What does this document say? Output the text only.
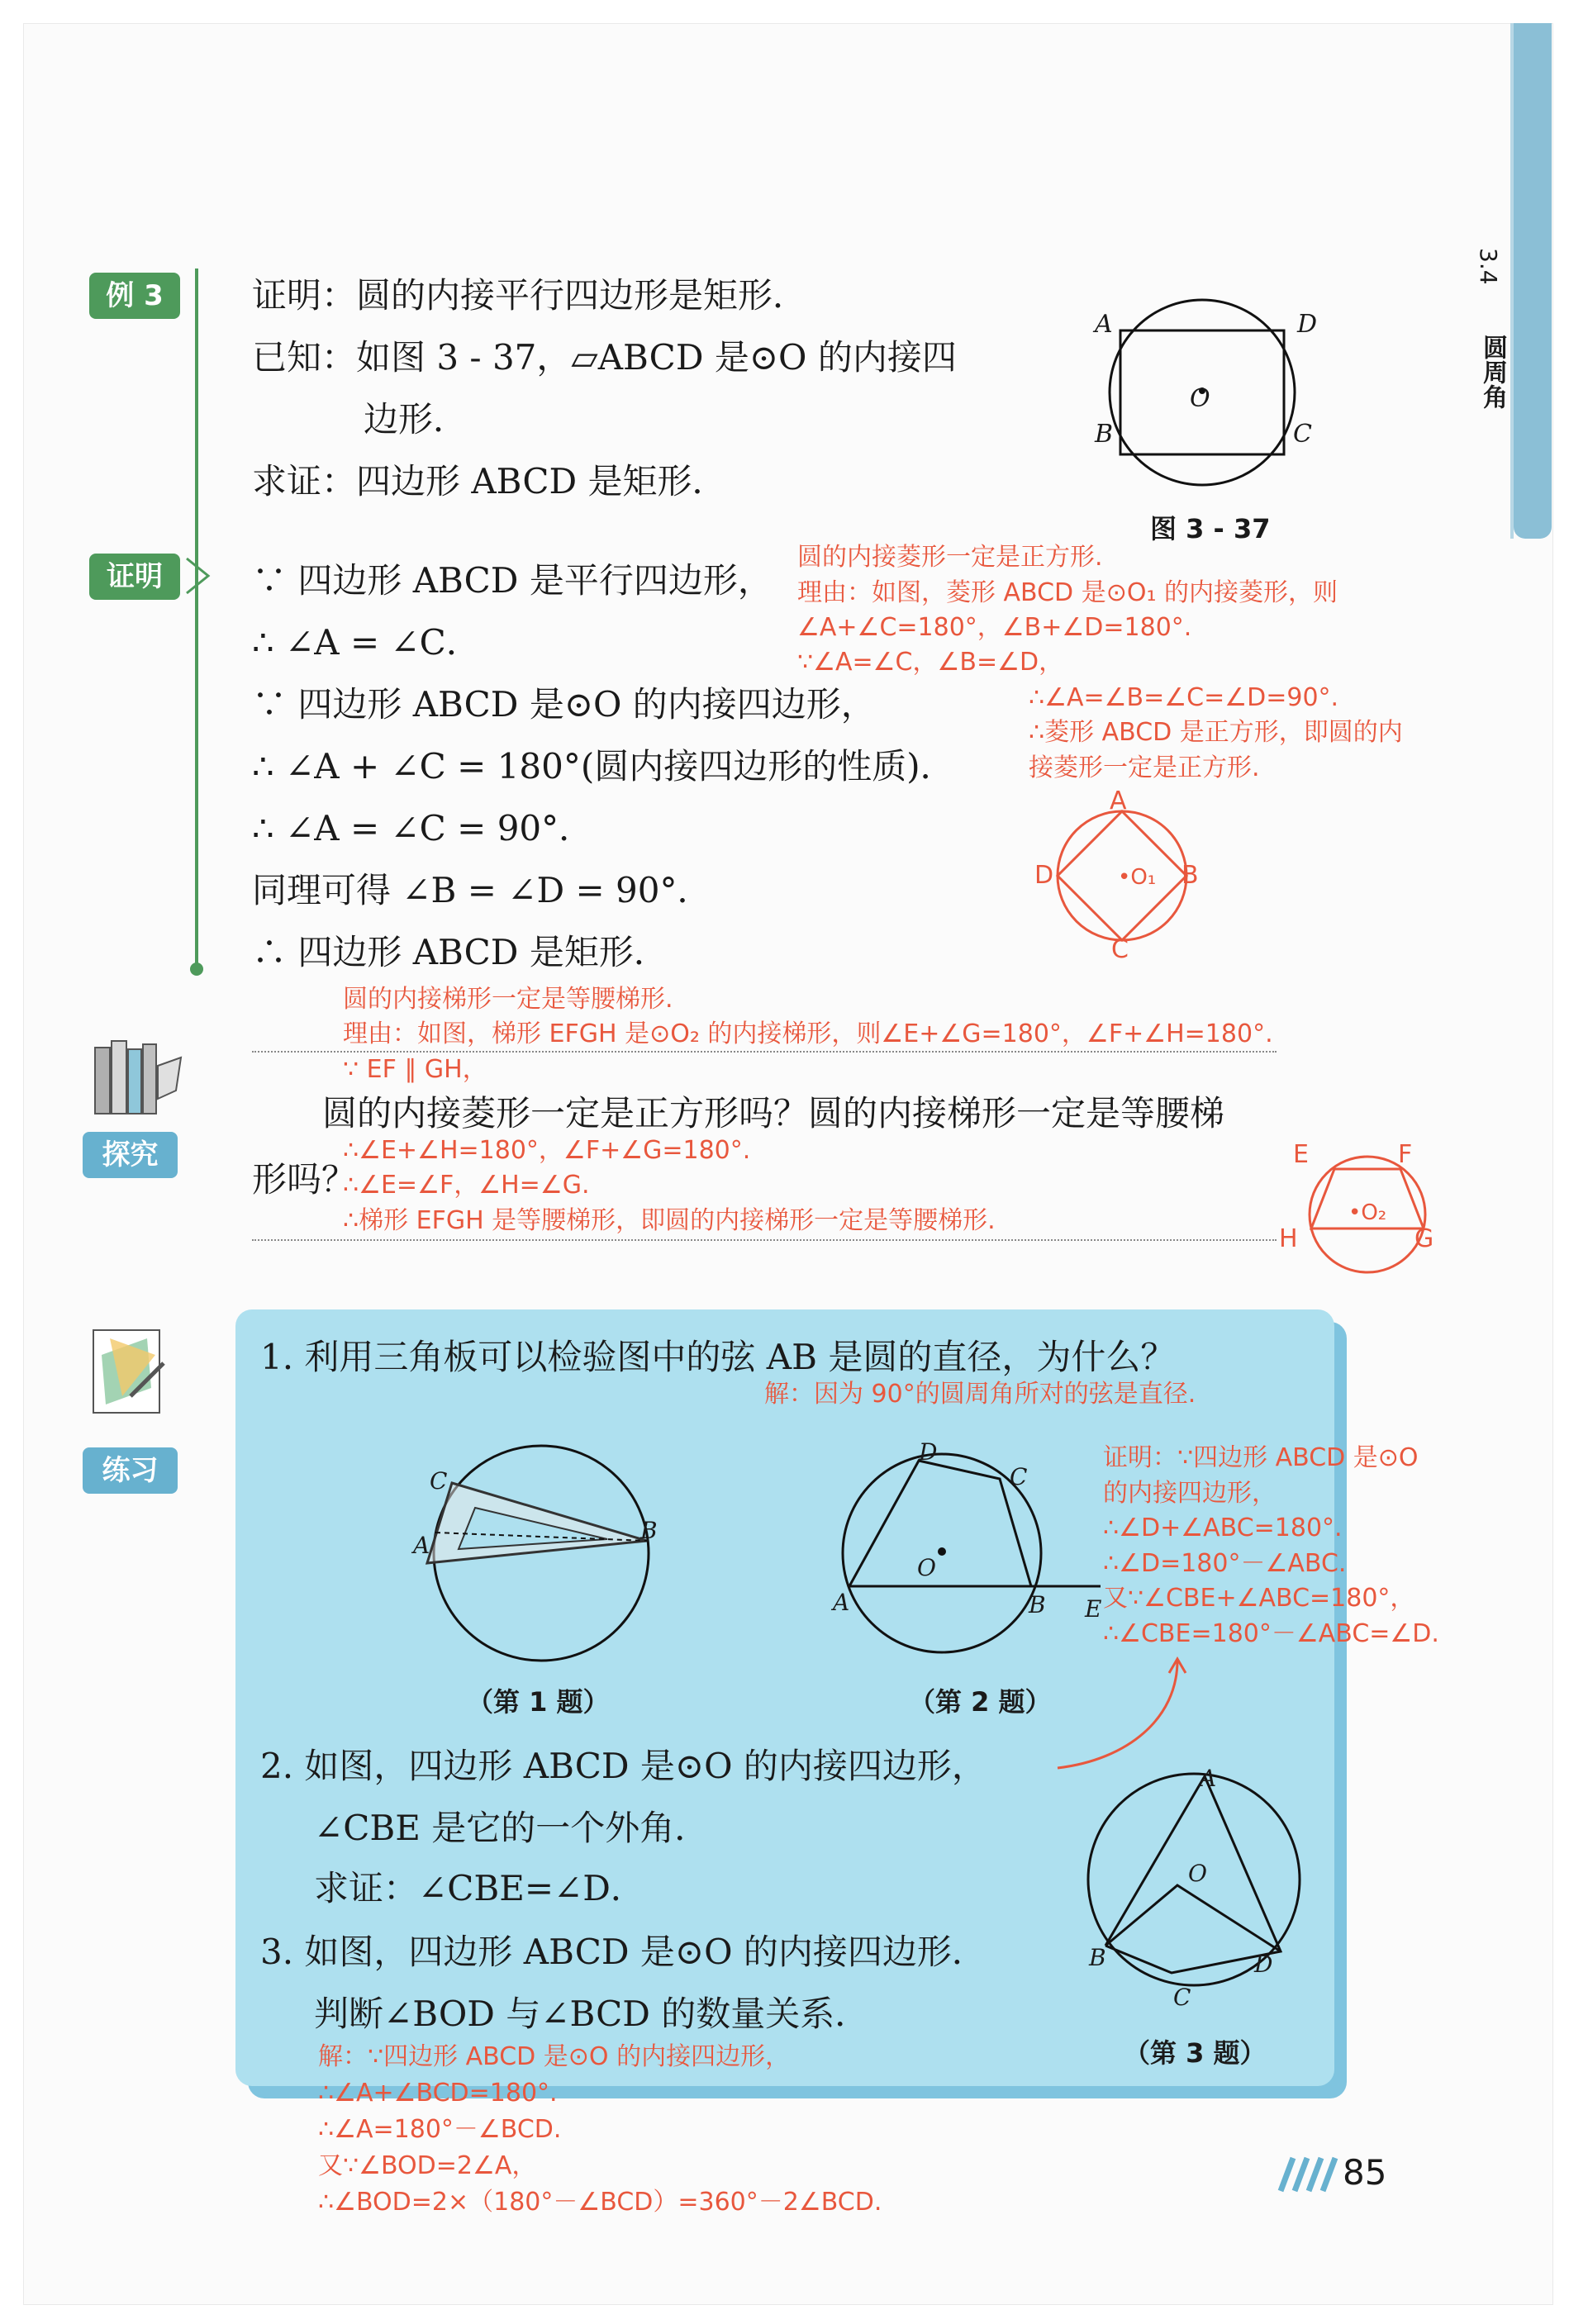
3.4
圆周角
例 3	证明：圆的内接平行四边形是矩形．
已知：如图 3 - 37，▱ABCD 是⊙O 的内接四
边形．
求证：四边形 ABCD 是矩形．
A	D
B	C
O
图 3 - 37
证明	∵ 四边形 ABCD 是平行四边形，
∴ ∠A = ∠C．
∵ 四边形 ABCD 是⊙O 的内接四边形，
∴ ∠A + ∠C = 180°(圆内接四边形的性质)．
∴ ∠A = ∠C = 90°．
同理可得 ∠B = ∠D = 90°．
∴ 四边形 ABCD 是矩形．
圆的内接菱形一定是正方形.
理由：如图，菱形 ABCD 是⊙O₁ 的内接菱形，则
∠A+∠C=180°，∠B+∠D=180°.
∵∠A=∠C，∠B=∠D，
∴∠A=∠B=∠C=∠D=90°.
∴菱形 ABCD 是正方形，即圆的内
接菱形一定是正方形.
A
B
C
D	•O₁
圆的内接梯形一定是等腰梯形.
理由：如图，梯形 EFGH 是⊙O₂ 的内接梯形，则∠E+∠G=180°，∠F+∠H=180°.
∵ EF ∥ GH，
探究
圆的内接菱形一定是正方形吗？圆的内接梯形一定是等腰梯
∴∠E+∠H=180°，∠F+∠G=180°.
形吗？
∴∠E=∠F，∠H=∠G.
∴梯形 EFGH 是等腰梯形，即圆的内接梯形一定是等腰梯形.
E	F
G
H
•O₂
练习
1. 利用三角板可以检验图中的弦 AB 是圆的直径，为什么？
解：因为 90°的圆周角所对的弦是直径.
C
A
B
（第 1 题）
D
C
A	B E
O
（第 2 题）
证明：∵四边形 ABCD 是⊙O
的内接四边形，
∴∠D+∠ABC=180°.
∴∠D=180°－∠ABC.
又∵∠CBE+∠ABC=180°，
∴∠CBE=180°－∠ABC=∠D.
2. 如图，四边形 ABCD 是⊙O 的内接四边形，
∠CBE 是它的一个外角．
求证：∠CBE=∠D．
3. 如图，四边形 ABCD 是⊙O 的内接四边形．
判断∠BOD 与∠BCD 的数量关系．
A
O
B	D
C
（第 3 题）
解：∵四边形 ABCD 是⊙O 的内接四边形，
∴∠A+∠BCD=180°.
∴∠A=180°－∠BCD.
又∵∠BOD=2∠A，
∴∠BOD=2×（180°－∠BCD）=360°－2∠BCD.
85
